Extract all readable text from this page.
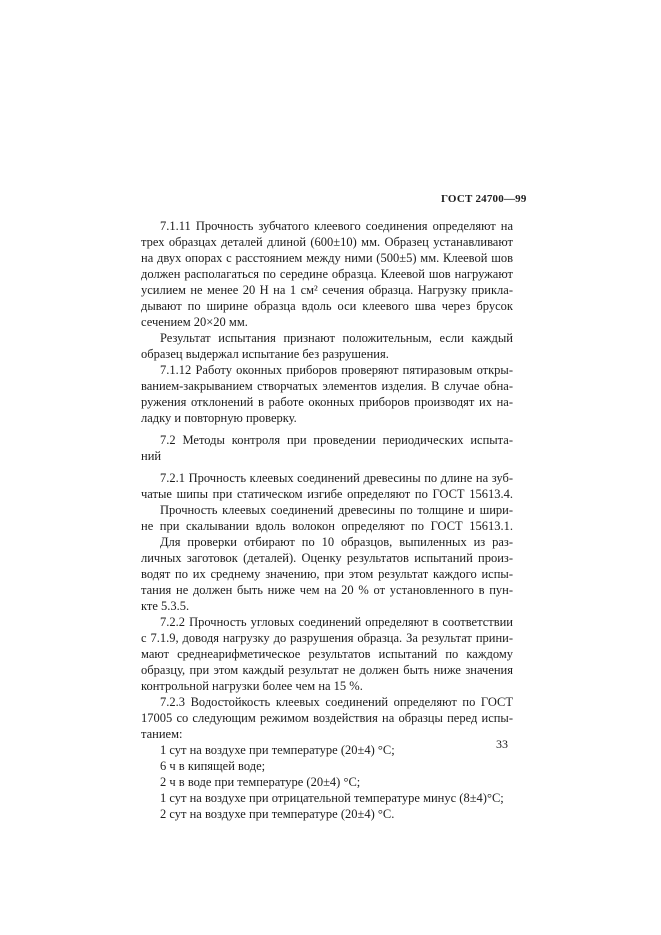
ГОСТ 24700—99
7.1.11 Прочность зубчатого клеевого соединения определяют на
трех образцах деталей длиной (600±10) мм. Образец устанавливают
на двух опорах с расстоянием между ними (500±5) мм. Клеевой шов
должен располагаться по середине образца. Клеевой шов нагружают
усилием не менее 20 Н на 1 см² сечения образца. Нагрузку прикла-
дывают по ширине образца вдоль оси клеевого шва через брусок
сечением 20×20 мм.
Результат испытания признают положительным, если каждый
образец выдержал испытание без разрушения.
7.1.12 Работу оконных приборов проверяют пятиразовым откры-
ванием-закрыванием створчатых элементов изделия. В случае обна-
ружения отклонений в работе оконных приборов производят их на-
ладку и повторную проверку.
7.2 Методы контроля при проведении периодических испыта-
ний
7.2.1 Прочность клеевых соединений древесины по длине на зуб-
чатые шипы при статическом изгибе определяют по ГОСТ 15613.4.
Прочность клеевых соединений древесины по толщине и шири-
не при скалывании вдоль волокон определяют по ГОСТ 15613.1.
Для проверки отбирают по 10 образцов, выпиленных из раз-
личных заготовок (деталей). Оценку результатов испытаний произ-
водят по их среднему значению, при этом результат каждого испы-
тания не должен быть ниже чем на 20 % от установленного в пун-
кте 5.3.5.
7.2.2 Прочность угловых соединений определяют в соответствии
с 7.1.9, доводя нагрузку до разрушения образца. За результат прини-
мают среднеарифметическое результатов испытаний по каждому
образцу, при этом каждый результат не должен быть ниже значения
контрольной нагрузки более чем на 15 %.
7.2.3 Водостойкость клеевых соединений определяют по ГОСТ
17005 со следующим режимом воздействия на образцы перед испы-
танием:
1 сут на воздухе при температуре (20±4) °С;
6 ч в кипящей воде;
2 ч в воде при температуре (20±4) °С;
1 сут на воздухе при отрицательной температуре минус (8±4)°С;
2 сут на воздухе при температуре (20±4) °С.
33
